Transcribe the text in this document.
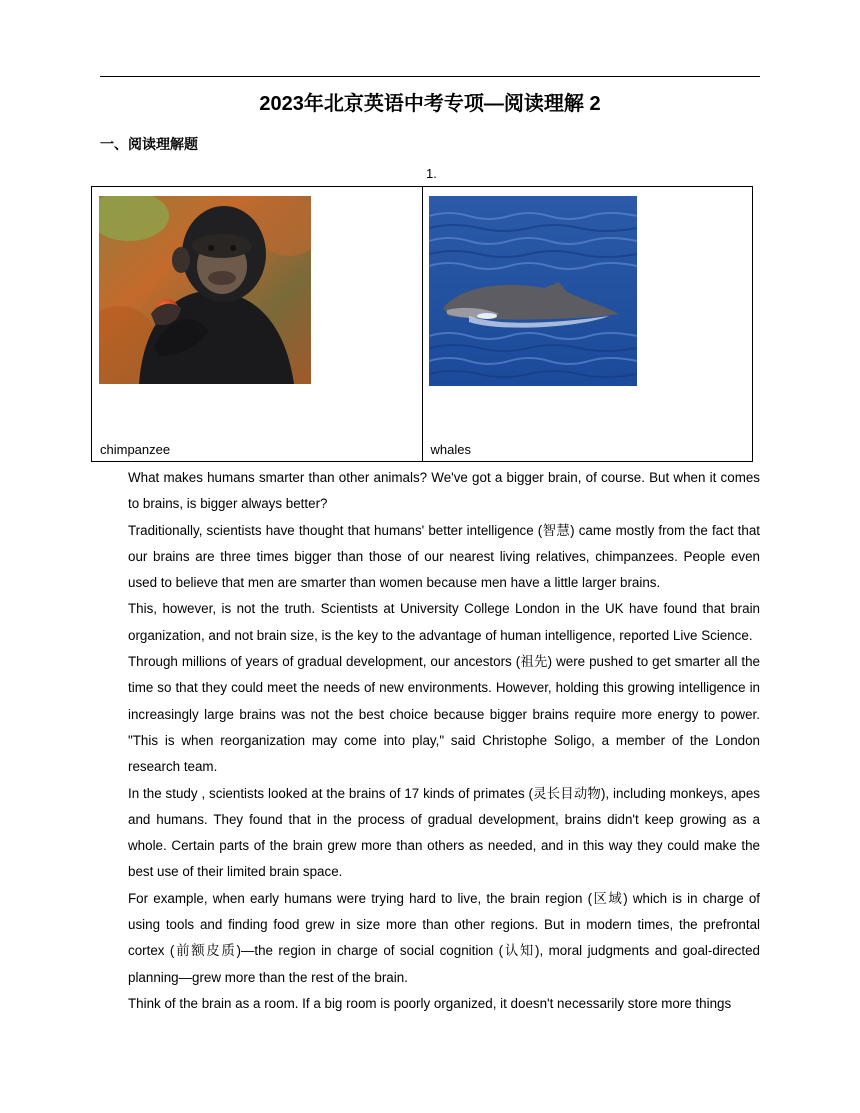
2023年北京英语中考专项—阅读理解 2
一、阅读理解题
1.
chimpanzee	whales

What makes humans smarter than other animals? We've got a bigger brain, of course. But when it comes to brains, is bigger always better?

Traditionally, scientists have thought that humans' better intelligence (智慧) came mostly from the fact that our brains are three times bigger than those of our nearest living relatives, chimpanzees. People even used to believe that men are smarter than women because men have a little larger brains.

This, however, is not the truth. Scientists at University College London in the UK have found that brain organization, and not brain size, is the key to the advantage of human intelligence, reported Live Science.

Through millions of years of gradual development, our ancestors (祖先) were pushed to get smarter all the time so that they could meet the needs of new environments. However, holding this growing intelligence in increasingly large brains was not the best choice because bigger brains require more energy to power. "This is when reorganization may come into play," said Christophe Soligo, a member of the London research team.

In the study , scientists looked at the brains of 17 kinds of primates (灵长目动物), including monkeys, apes and humans. They found that in the process of gradual development, brains didn't keep growing as a whole. Certain parts of the brain grew more than others as needed, and in this way they could make the best use of their limited brain space.

For example, when early humans were trying hard to live, the brain region (区域) which is in charge of using tools and finding food grew in size more than other regions. But in modern times, the prefrontal cortex (前额皮质)—the region in charge of social cognition (认知), moral judgments and goal-directed planning—grew more than the rest of the brain.

Think of the brain as a room. If a big room is poorly organized, it doesn't necessarily store more things
